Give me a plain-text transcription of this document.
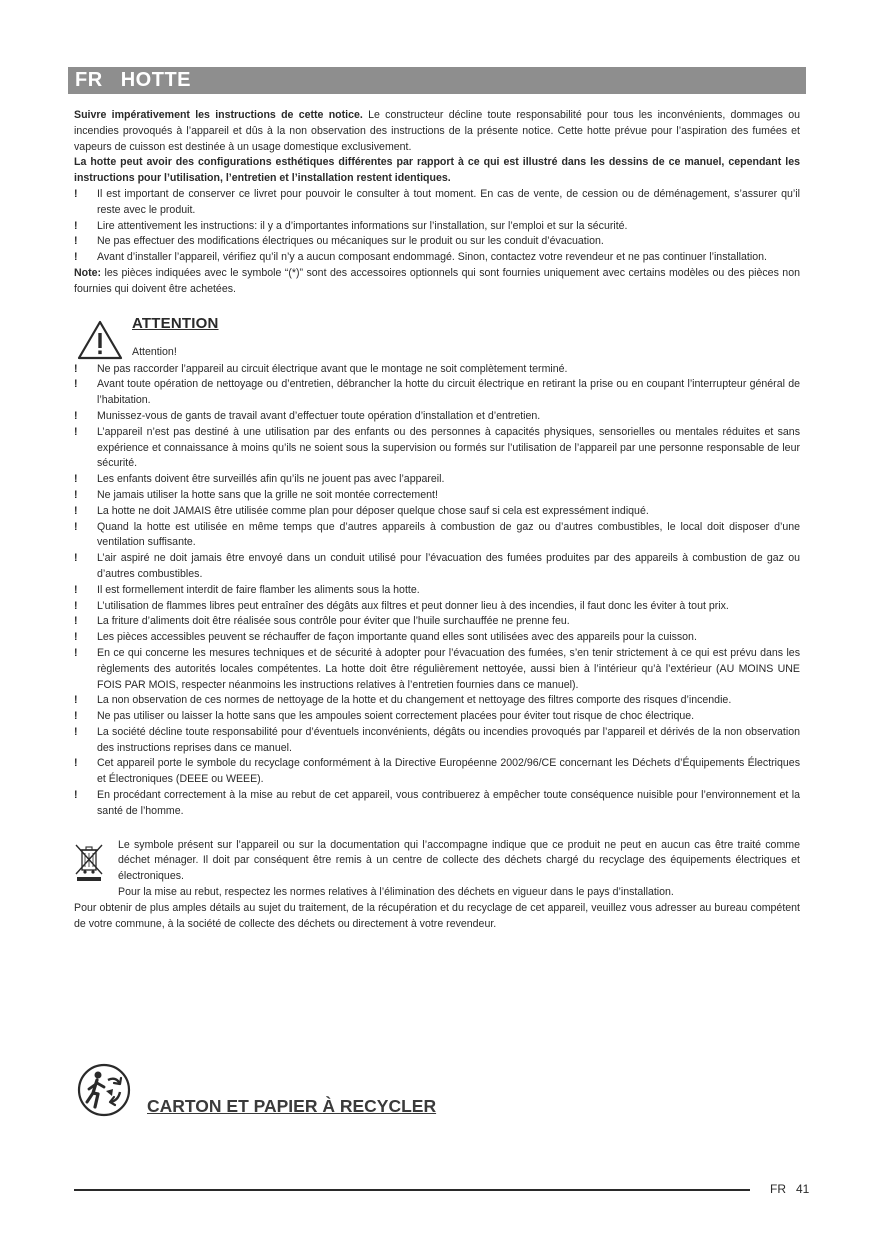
FR HOTTE

Suivre impérativement les instructions de cette notice. Le constructeur décline toute responsabilité pour tous les inconvénients, dommages ou incendies provoqués à l’appareil et dûs à la non observation des instructions de la présente notice. Cette hotte prévue pour l’aspiration des fumées et vapeurs de cuisson est destinée à un usage domestique exclusivement.

La hotte peut avoir des configurations esthétiques différentes par rapport à ce qui est illustré dans les dessins de ce manuel, cependant les instructions pour l’utilisation, l’entretien et l’installation restent identiques.

! Il est important de conserver ce livret pour pouvoir le consulter à tout moment. En cas de vente, de cession ou de déménagement, s’assurer qu’il reste avec le produit.
! Lire attentivement les instructions: il y a d’importantes informations sur l’installation, sur l’emploi et sur la sécurité.
! Ne pas effectuer des modifications électriques ou mécaniques sur le produit ou sur les conduit d’évacuation.
! Avant d’installer l’appareil, vérifiez qu’il n’y a aucun composant endommagé. Sinon, contactez votre revendeur et ne pas continuer l’installation.

Note: les pièces indiquées avec le symbole “(*)” sont des accessoires optionnels qui sont fournies uniquement avec certains modèles ou des pièces non fournies qui doivent être achetées.

ATTENTION
Attention!
! Ne pas raccorder l’appareil au circuit électrique avant que le montage ne soit complètement terminé.
! Avant toute opération de nettoyage ou d’entretien, débrancher la hotte du circuit électrique en retirant la prise ou en coupant l’interrupteur général de l’habitation.
! Munissez-vous de gants de travail avant d’effectuer toute opération d’installation et d’entretien.
! L’appareil n’est pas destiné à une utilisation par des enfants ou des personnes à capacités physiques, sensorielles ou mentales réduites et sans expérience et connaissance à moins qu’ils ne soient sous la supervision ou formés sur l’utilisation de l’appareil par une personne responsable de leur sécurité.
! Les enfants doivent être surveillés afin qu’ils ne jouent pas avec l’appareil.
! Ne jamais utiliser la hotte sans que la grille ne soit montée correctement!
! La hotte ne doit JAMAIS être utilisée comme plan pour déposer quelque chose sauf si cela est expressément indiqué.
! Quand la hotte est utilisée en même temps que d’autres appareils à combustion de gaz ou d’autres combustibles, le local doit disposer d’une ventilation suffisante.
! L’air aspiré ne doit jamais être envoyé dans un conduit utilisé pour l’évacuation des fumées produites par des appareils à combustion de gaz ou d’autres combustibles.
! Il est formellement interdit de faire flamber les aliments sous la hotte.
! L’utilisation de flammes libres peut entraîner des dégâts aux filtres et peut donner lieu à des incendies, il faut donc les éviter à tout prix.
! La friture d’aliments doit être réalisée sous contrôle pour éviter que l’huile surchauffée ne prenne feu.
! Les pièces accessibles peuvent se réchauffer de façon importante quand elles sont utilisées avec des appareils pour la cuisson.
! En ce qui concerne les mesures techniques et de sécurité à adopter pour l’évacuation des fumées, s’en tenir strictement à ce qui est prévu dans les règlements des autorités locales compétentes. La hotte doit être régulièrement nettoyée, aussi bien à l’intérieur qu’à l’extérieur (AU MOINS UNE FOIS PAR MOIS, respecter néanmoins les instructions relatives à l’entretien fournies dans ce manuel).
! La non observation de ces normes de nettoyage de la hotte et du changement et nettoyage des filtres comporte des risques d’incendie.
! Ne pas utiliser ou laisser la hotte sans que les ampoules soient correctement placées pour éviter tout risque de choc électrique.
! La société décline toute responsabilité pour d’éventuels inconvénients, dégâts ou incendies provoqués par l’appareil et dérivés de la non observation des instructions reprises dans ce manuel.
! Cet appareil porte le symbole du recyclage conformément à la Directive Européenne 2002/96/CE concernant les Déchets d’Équipements Électriques et Électroniques (DEEE ou WEEE).
! En procédant correctement à la mise au rebut de cet appareil, vous contribuerez à empêcher toute conséquence nuisible pour l’environnement et la santé de l’homme.

Le symbole présent sur l’appareil ou sur la documentation qui l’accompagne indique que ce produit ne peut en aucun cas être traité comme déchet ménager. Il doit par conséquent être remis à un centre de collecte des déchets chargé du recyclage des équipements électriques et électroniques.

Pour la mise au rebut, respectez les normes relatives à l’élimination des déchets en vigueur dans le pays d’installation.

Pour obtenir de plus amples détails au sujet du traitement, de la récupération et du recyclage de cet appareil, veuillez vous adresser au bureau compétent de votre commune, à la société de collecte des déchets ou directement à votre revendeur.

CARTON ET PAPIER À RECYCLER
FR 41
